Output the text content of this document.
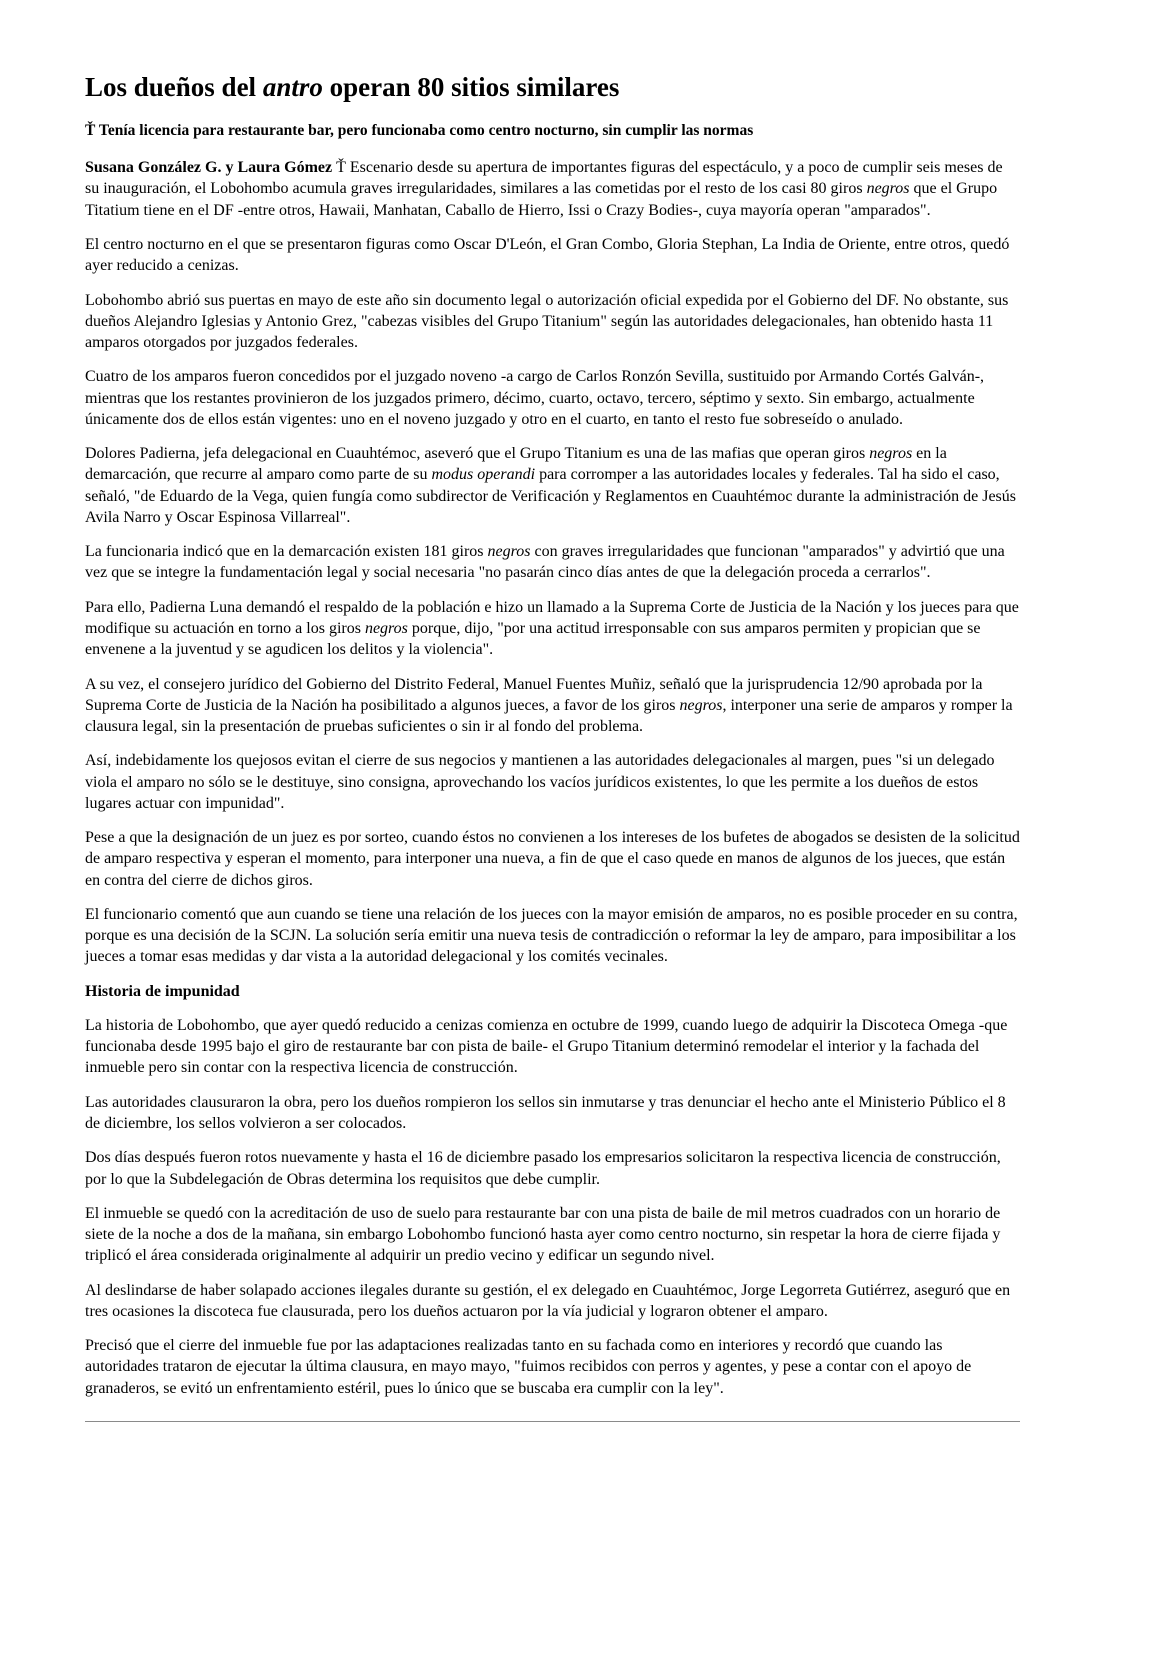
Los dueños del antro operan 80 sitios similares

Ť Tenía licencia para restaurante bar, pero funcionaba como centro nocturno, sin cumplir las normas

Susana González G. y Laura Gómez Ť Escenario desde su apertura de importantes figuras del espectáculo, y a poco de cumplir seis meses de su inauguración, el Lobohombo acumula graves irregularidades, similares a las cometidas por el resto de los casi 80 giros negros que el Grupo Titatium tiene en el DF -entre otros, Hawaii, Manhatan, Caballo de Hierro, Issi o Crazy Bodies-, cuya mayoría operan "amparados".

El centro nocturno en el que se presentaron figuras como Oscar D'León, el Gran Combo, Gloria Stephan, La India de Oriente, entre otros, quedó ayer reducido a cenizas.

Lobohombo abrió sus puertas en mayo de este año sin documento legal o autorización oficial expedida por el Gobierno del DF. No obstante, sus dueños Alejandro Iglesias y Antonio Grez, "cabezas visibles del Grupo Titanium" según las autoridades delegacionales, han obtenido hasta 11 amparos otorgados por juzgados federales.

Cuatro de los amparos fueron concedidos por el juzgado noveno -a cargo de Carlos Ronzón Sevilla, sustituido por Armando Cortés Galván-, mientras que los restantes provinieron de los juzgados primero, décimo, cuarto, octavo, tercero, séptimo y sexto. Sin embargo, actualmente únicamente dos de ellos están vigentes: uno en el noveno juzgado y otro en el cuarto, en tanto el resto fue sobreseído o anulado.

Dolores Padierna, jefa delegacional en Cuauhtémoc, aseveró que el Grupo Titanium es una de las mafias que operan giros negros en la demarcación, que recurre al amparo como parte de su modus operandi para corromper a las autoridades locales y federales. Tal ha sido el caso, señaló, "de Eduardo de la Vega, quien fungía como subdirector de Verificación y Reglamentos en Cuauhtémoc durante la administración de Jesús Avila Narro y Oscar Espinosa Villarreal".

La funcionaria indicó que en la demarcación existen 181 giros negros con graves irregularidades que funcionan "amparados" y advirtió que una vez que se integre la fundamentación legal y social necesaria "no pasarán cinco días antes de que la delegación proceda a cerrarlos".

Para ello, Padierna Luna demandó el respaldo de la población e hizo un llamado a la Suprema Corte de Justicia de la Nación y los jueces para que modifique su actuación en torno a los giros negros porque, dijo, "por una actitud irresponsable con sus amparos permiten y propician que se envenene a la juventud y se agudicen los delitos y la violencia".

A su vez, el consejero jurídico del Gobierno del Distrito Federal, Manuel Fuentes Muñiz, señaló que la jurisprudencia 12/90 aprobada por la Suprema Corte de Justicia de la Nación ha posibilitado a algunos jueces, a favor de los giros negros, interponer una serie de amparos y romper la clausura legal, sin la presentación de pruebas suficientes o sin ir al fondo del problema.

Así, indebidamente los quejosos evitan el cierre de sus negocios y mantienen a las autoridades delegacionales al margen, pues "si un delegado viola el amparo no sólo se le destituye, sino consigna, aprovechando los vacíos jurídicos existentes, lo que les permite a los dueños de estos lugares actuar con impunidad".

Pese a que la designación de un juez es por sorteo, cuando éstos no convienen a los intereses de los bufetes de abogados se desisten de la solicitud de amparo respectiva y esperan el momento, para interponer una nueva, a fin de que el caso quede en manos de algunos de los jueces, que están en contra del cierre de dichos giros.

El funcionario comentó que aun cuando se tiene una relación de los jueces con la mayor emisión de amparos, no es posible proceder en su contra, porque es una decisión de la SCJN. La solución sería emitir una nueva tesis de contradicción o reformar la ley de amparo, para imposibilitar a los jueces a tomar esas medidas y dar vista a la autoridad delegacional y los comités vecinales.

Historia de impunidad

La historia de Lobohombo, que ayer quedó reducido a cenizas comienza en octubre de 1999, cuando luego de adquirir la Discoteca Omega -que funcionaba desde 1995 bajo el giro de restaurante bar con pista de baile- el Grupo Titanium determinó remodelar el interior y la fachada del inmueble pero sin contar con la respectiva licencia de construcción.

Las autoridades clausuraron la obra, pero los dueños rompieron los sellos sin inmutarse y tras denunciar el hecho ante el Ministerio Público el 8 de diciembre, los sellos volvieron a ser colocados.

Dos días después fueron rotos nuevamente y hasta el 16 de diciembre pasado los empresarios solicitaron la respectiva licencia de construcción, por lo que la Subdelegación de Obras determina los requisitos que debe cumplir.

El inmueble se quedó con la acreditación de uso de suelo para restaurante bar con una pista de baile de mil metros cuadrados con un horario de siete de la noche a dos de la mañana, sin embargo Lobohombo funcionó hasta ayer como centro nocturno, sin respetar la hora de cierre fijada y triplicó el área considerada originalmente al adquirir un predio vecino y edificar un segundo nivel.

Al deslindarse de haber solapado acciones ilegales durante su gestión, el ex delegado en Cuauhtémoc, Jorge Legorreta Gutiérrez, aseguró que en tres ocasiones la discoteca fue clausurada, pero los dueños actuaron por la vía judicial y lograron obtener el amparo.

Precisó que el cierre del inmueble fue por las adaptaciones realizadas tanto en su fachada como en interiores y recordó que cuando las autoridades trataron de ejecutar la última clausura, en mayo mayo, "fuimos recibidos con perros y agentes, y pese a contar con el apoyo de granaderos, se evitó un enfrentamiento estéril, pues lo único que se buscaba era cumplir con la ley".
